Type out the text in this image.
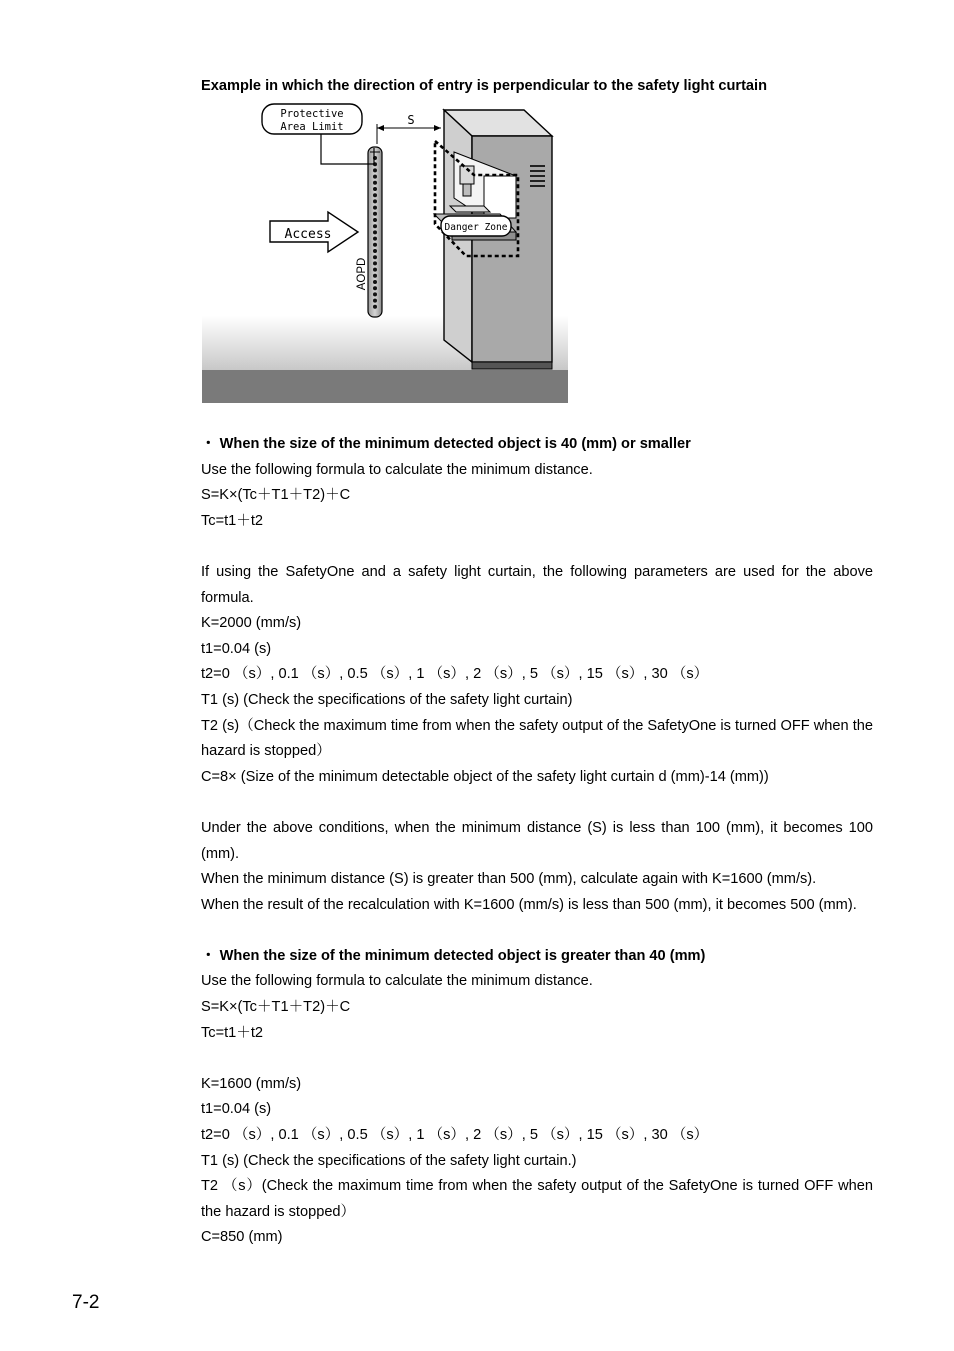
Example in which the direction of entry is perpendicular to the safety light curtain
Protective
Area Limit	S
Access
AOPD
Danger Zone

・ When the size of the minimum detected object is 40 (mm) or smaller

Use the following formula to calculate the minimum distance.

S=K×(Tc＋T1＋T2)＋C

Tc=t1＋t2

If using the SafetyOne and a safety light curtain, the following parameters are used for the above formula.

K=2000 (mm/s)

t1=0.04 (s)

t2=0 （s）, 0.1 （s）, 0.5 （s）, 1 （s）, 2 （s）, 5 （s）, 15 （s）, 30 （s）

T1 (s) (Check the specifications of the safety light curtain)

T2 (s)（Check the maximum time from when the safety output of the SafetyOne is turned OFF when the hazard is stopped）

C=8× (Size of the minimum detectable object of the safety light curtain d (mm)-14 (mm))

Under the above conditions, when the minimum distance (S) is less than 100 (mm), it becomes 100 (mm).

When the minimum distance (S) is greater than 500 (mm), calculate again with K=1600 (mm/s).

When the result of the recalculation with K=1600 (mm/s) is less than 500 (mm), it becomes 500 (mm).

・ When the size of the minimum detected object is greater than 40 (mm)

Use the following formula to calculate the minimum distance.

S=K×(Tc＋T1＋T2)＋C

Tc=t1＋t2

K=1600 (mm/s)

t1=0.04 (s)

t2=0 （s）, 0.1 （s）, 0.5 （s）, 1 （s）, 2 （s）, 5 （s）, 15 （s）, 30 （s）

T1 (s) (Check the specifications of the safety light curtain.)

T2 （s）(Check the maximum time from when the safety output of the SafetyOne is turned OFF when the hazard is stopped）

C=850 (mm)

7-2
